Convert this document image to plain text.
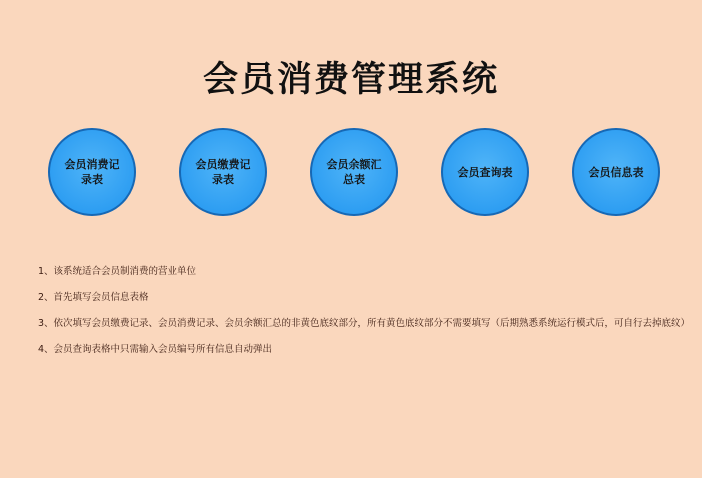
会员消费管理系统
会员消费记录表
会员缴费记录表
会员余额汇总表
会员查询表	会员信息表
1、该系统适合会员制消费的营业单位
2、首先填写会员信息表格
3、依次填写会员缴费记录、会员消费记录、会员余额汇总的非黄色底纹部分，所有黄色底纹部分不需要填写（后期熟悉系统运行模式后，可自行去掉底纹）
4、会员查询表格中只需输入会员编号所有信息自动弹出
